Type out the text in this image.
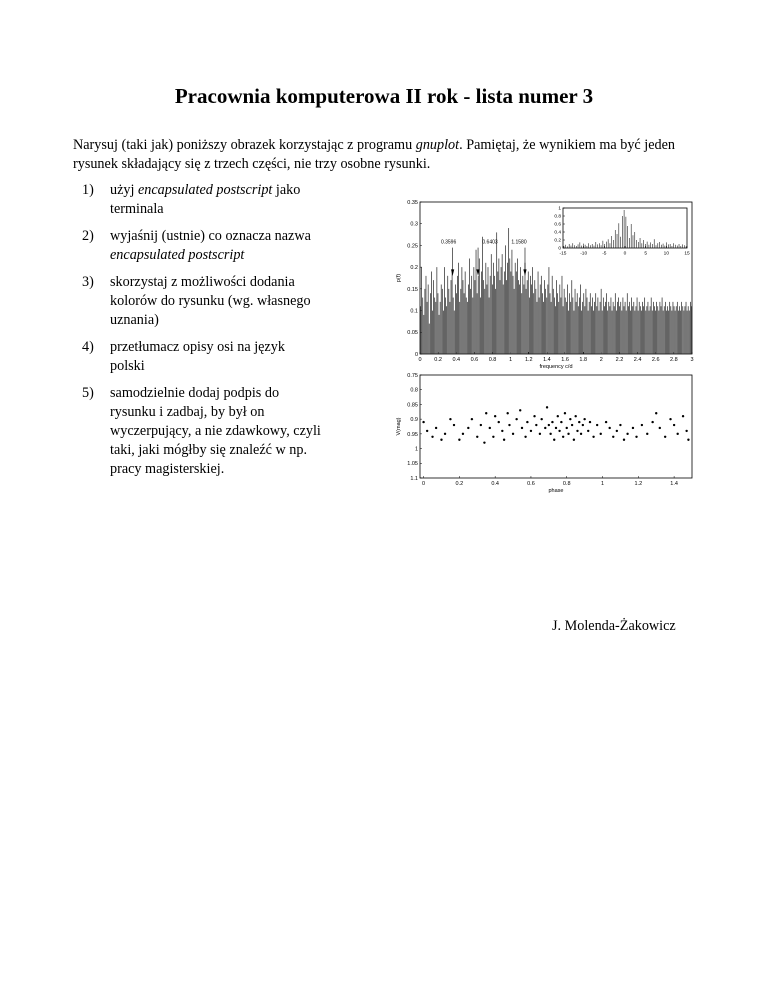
Pracownia komputerowa II rok - lista numer 3
Narysuj (taki jak) poniższy obrazek korzystając z programu gnuplot. Pamiętaj, że wynikiem ma być jeden rysunek składający się z trzech części, nie trzy osobne rysunki.
1) użyj encapsulated postscript jako terminala
2) wyjaśnij (ustnie) co oznacza nazwa encapsulated postscript
3) skorzystaj z możliwości dodania kolorów do rysunku (wg. własnego uznania)
4) przetłumacz opisy osi na język polski
5) samodzielnie dodaj podpis do rysunku i zadbaj, by był on wyczerpujący, a nie zdawkowy, czyli taki, jaki mógłby się znaleźć w np. pracy magisterskiej.
0 0.2 0.4 0.6 0.8 1 1.2 1.4 1.6 1.8 2 2.2 2.4 2.6 2.8 3
0
0.05
0.1
0.15
0.2
0.25
0.3
0.35
frequency c/d
p(f)
0.3596	0.6403	1.1580
-15	-10	-5	0	5	10	15
0
0.2
0.4
0.6
0.8
1
0	0.2	0.4	0.6	0.8	1	1.2	1.4
0.75
0.8
0.85
0.9
0.95
1
1.05
1.1
phase
V(mag)
J. Molenda-Żakowicz
